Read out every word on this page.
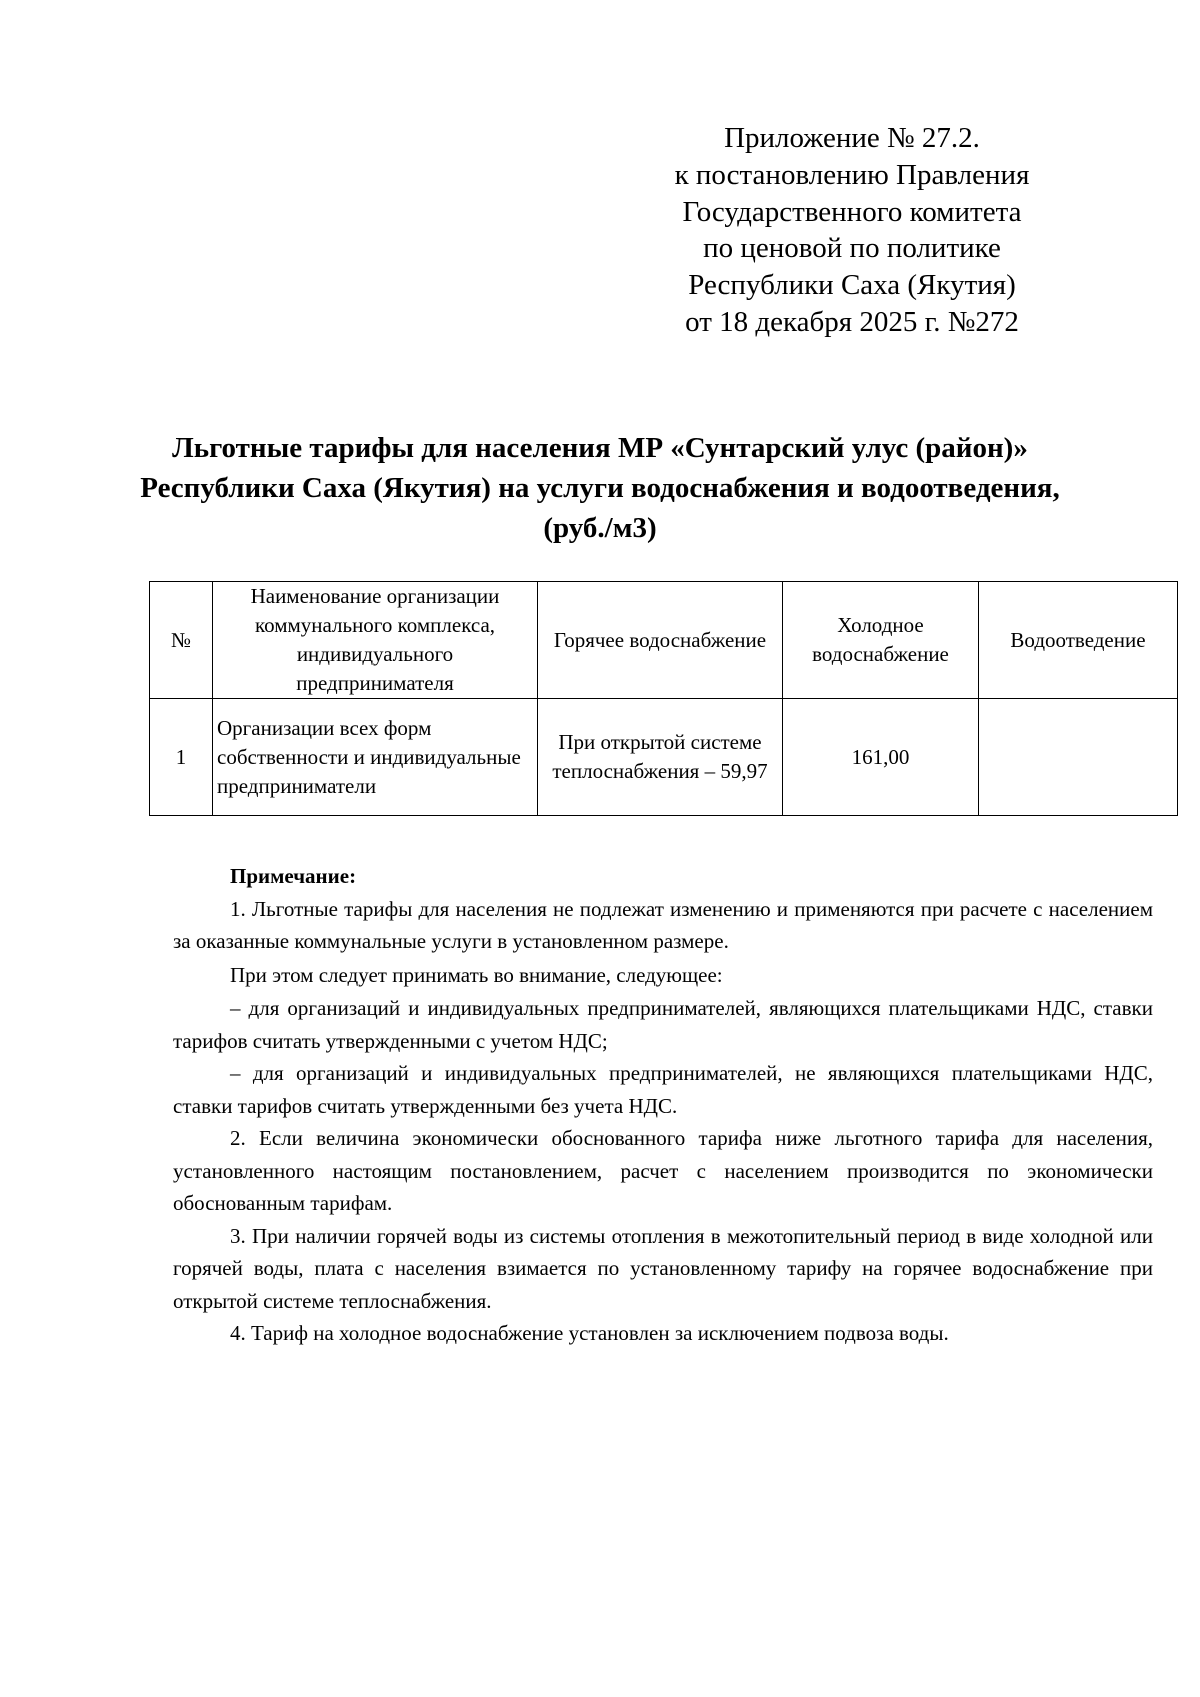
Приложение № 27.2.
к постановлению Правления
Государственного комитета
по ценовой по политике
Республики Саха (Якутия)
от 18 декабря 2025 г. №272
Льготные тарифы для населения МР «Сунтарский улус (район)»
Республики Саха (Якутия) на услуги водоснабжения и водоотведения,
(руб./м3)
№	Наименование организации коммунального комплекса, индивидуального предпринимателя	Горячее водоснабжение	Холодное водоснабжение	Водоотведение
1	Организации всех форм собственности и индивидуальные предприниматели	При открытой системе теплоснабжения – 59,97	161,00	
Примечание:

1. Льготные тарифы для населения не подлежат изменению и применяются при расчете с населением за оказанные коммунальные услуги в установленном размере.

При этом следует принимать во внимание, следующее:

– для организаций и индивидуальных предпринимателей, являющихся плательщиками НДС, ставки тарифов считать утвержденными с учетом НДС;

– для организаций и индивидуальных предпринимателей, не являющихся плательщиками НДС, ставки тарифов считать утвержденными без учета НДС.

2. Если величина экономически обоснованного тарифа ниже льготного тарифа для населения, установленного настоящим постановлением, расчет с населением производится по экономически обоснованным тарифам.

3. При наличии горячей воды из системы отопления в межотопительный период в виде холодной или горячей воды, плата с населения взимается по установленному тарифу на горячее водоснабжение при открытой системе теплоснабжения.

4. Тариф на холодное водоснабжение установлен за исключением подвоза воды.
